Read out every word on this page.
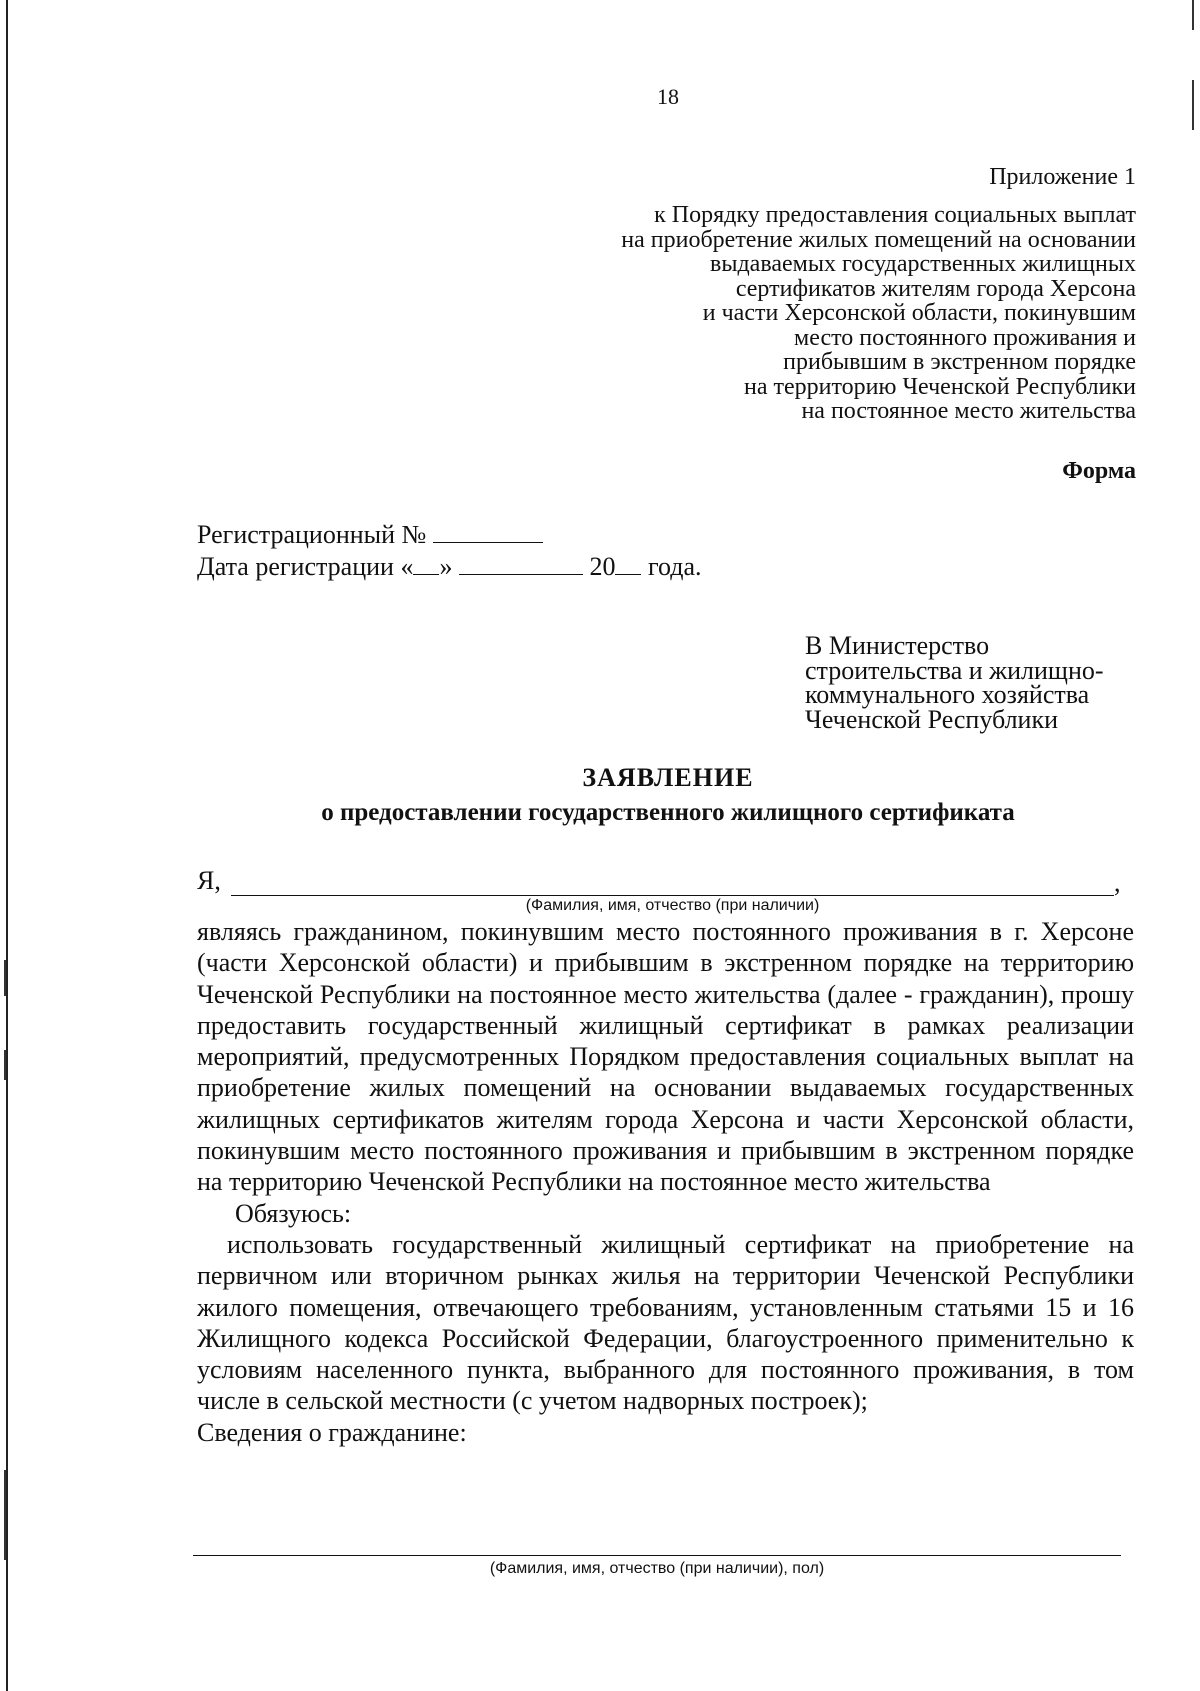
18
Приложение 1
к Порядку предоставления социальных выплат
на приобретение жилых помещений на основании
выдаваемых государственных жилищных
сертификатов жителям города Херсона
и части Херсонской области, покинувшим
место постоянного проживания и
прибывшим в экстренном порядке
на территорию Чеченской Республики
на постоянное место жительства
Форма
Регистрационный №
Дата регистрации « »	20 года.
В Министерство
строительства и жилищно-
коммунального хозяйства
Чеченской Республики
ЗАЯВЛЕНИЕ
о предоставлении государственного жилищного сертификата
Я,	,
(Фамилия, имя, отчество (при наличии)

являясь гражданином, покинувшим место постоянного проживания в г. Херсоне (части Херсонской области) и прибывшим в экстренном порядке на территорию Чеченской Республики на постоянное место жительства (далее - гражданин), прошу предоставить государственный жилищный сертификат в рамках реализации мероприятий, предусмотренных Порядком предоставления социальных выплат на приобретение жилых помещений на основании выдаваемых государственных жилищных сертификатов жителям города Херсона и части Херсонской области, покинувшим место постоянного проживания и прибывшим в экстренном порядке на территорию Чеченской Республики на постоянное место жительства

Обязуюсь:

использовать государственный жилищный сертификат на приобретение на первичном или вторичном рынках жилья на территории Чеченской Республики жилого помещения, отвечающего требованиям, установленным статьями 15 и 16 Жилищного кодекса Российской Федерации, благоустроенного применительно к условиям населенного пункта, выбранного для постоянного проживания, в том числе в сельской местности (с учетом надворных построек);

Сведения о гражданине:

(Фамилия, имя, отчество (при наличии), пол)
